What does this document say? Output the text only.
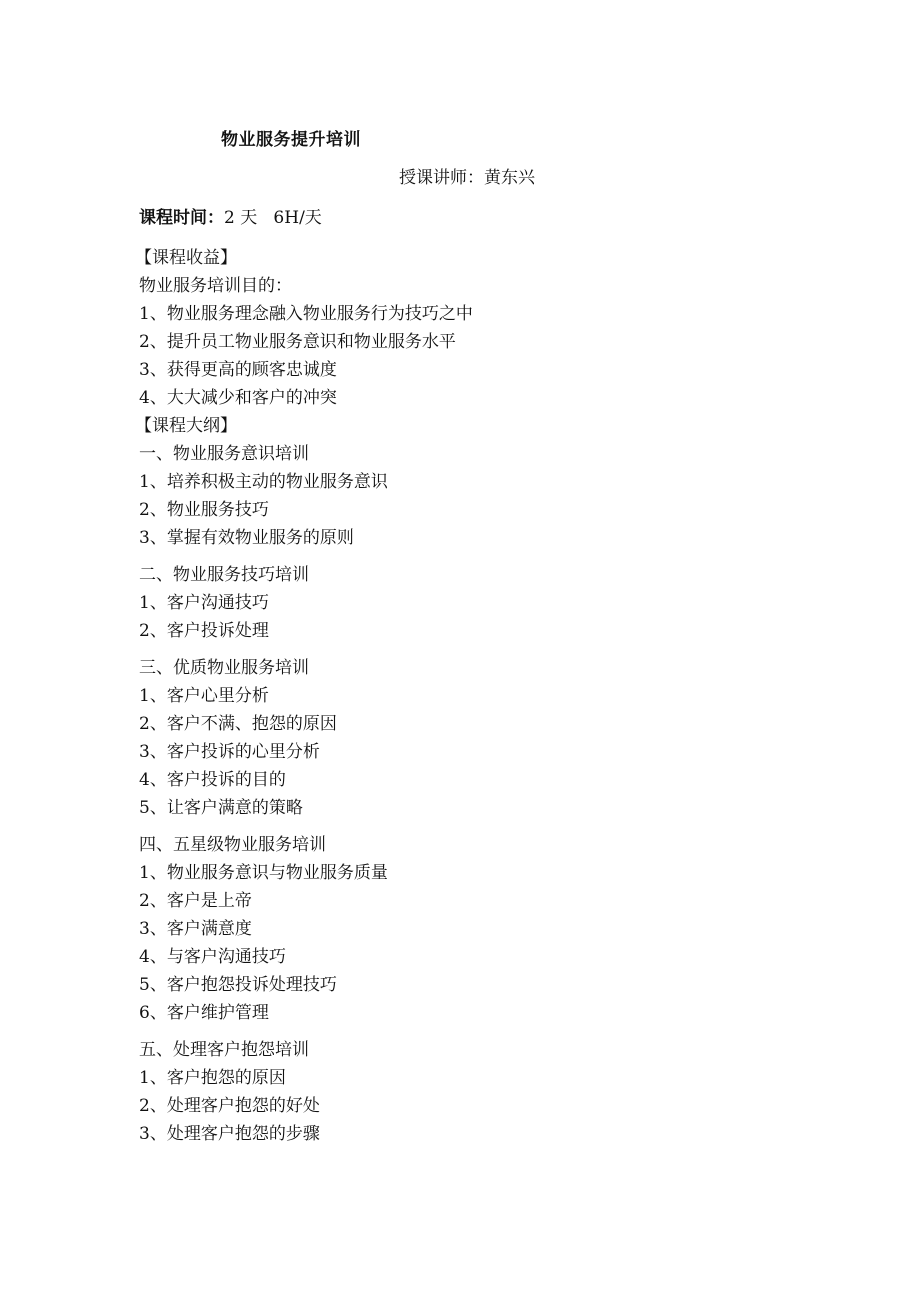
物业服务提升培训
授课讲师：黄东兴
课程时间：2 天   6H/天
【课程收益】
物业服务培训目的：
1、物业服务理念融入物业服务行为技巧之中
2、提升员工物业服务意识和物业服务水平
3、获得更高的顾客忠诚度
4、大大减少和客户的冲突
【课程大纲】
一、物业服务意识培训
1、培养积极主动的物业服务意识
2、物业服务技巧
3、掌握有效物业服务的原则
二、物业服务技巧培训
1、客户沟通技巧
2、客户投诉处理
三、优质物业服务培训
1、客户心里分析
2、客户不满、抱怨的原因
3、客户投诉的心里分析
4、客户投诉的目的
5、让客户满意的策略
四、五星级物业服务培训
1、物业服务意识与物业服务质量
2、客户是上帝
3、客户满意度
4、与客户沟通技巧
5、客户抱怨投诉处理技巧
6、客户维护管理
五、处理客户抱怨培训
1、客户抱怨的原因
2、处理客户抱怨的好处
3、处理客户抱怨的步骤
